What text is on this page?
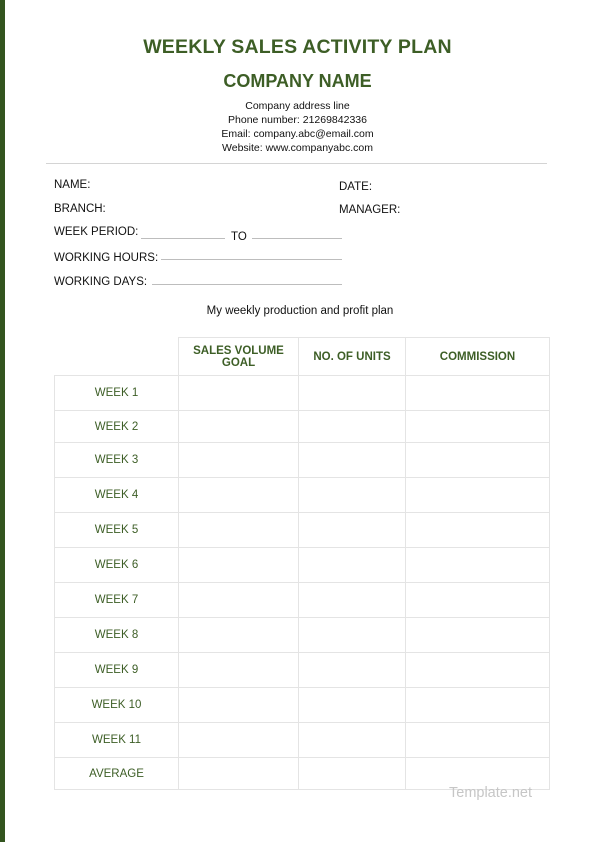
WEEKLY SALES ACTIVITY PLAN
COMPANY NAME
Company address line
Phone number: 21269842336
Email: company.abc@email.com
Website: www.companyabc.com
NAME:	DATE:
BRANCH:	MANAGER:
WEEK PERIOD:	TO
WORKING HOURS:
WORKING DAYS:
My weekly production and profit plan
	SALES VOLUME GOAL	NO. OF UNITS	COMMISSION
WEEK 1			
WEEK 2			
WEEK 3			
WEEK 4			
WEEK 5			
WEEK 6			
WEEK 7			
WEEK 8			
WEEK 9			
WEEK 10			
WEEK 11			
AVERAGE			
Template.net
